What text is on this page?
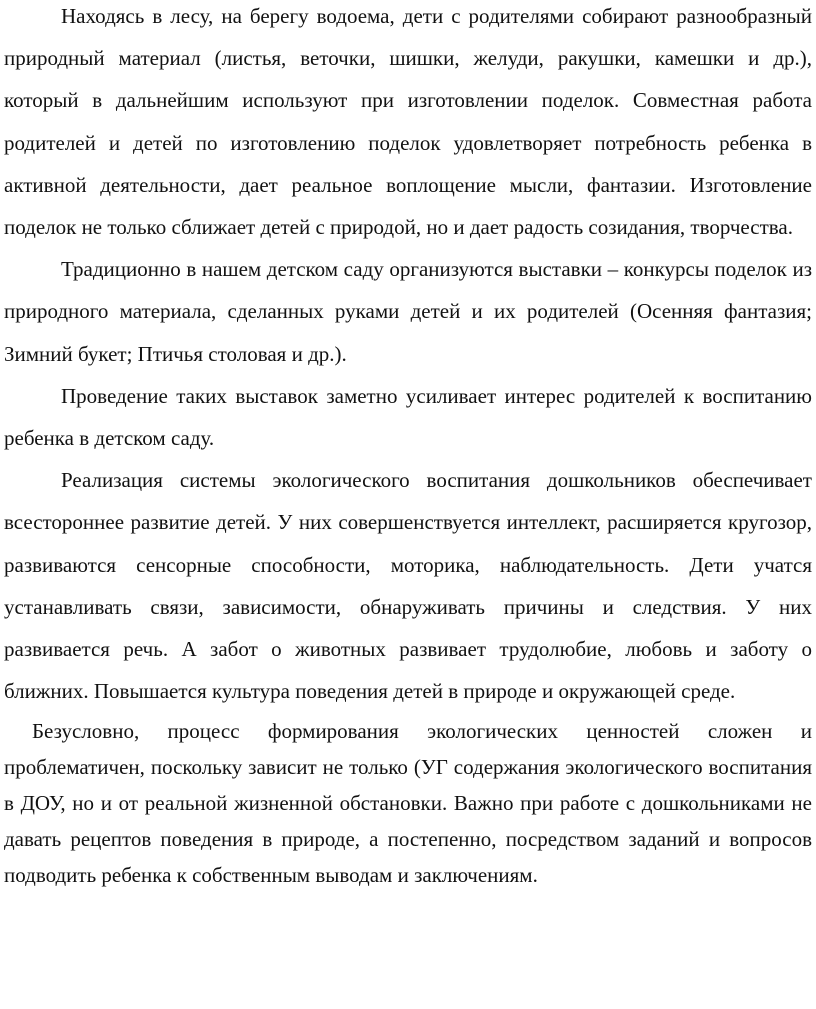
Находясь в лесу, на берегу водоема, дети с родителями собирают разнообразный природный материал (листья, веточки, шишки, желуди, ракушки, камешки и др.), который в дальнейшим используют при изготовлении поделок. Совместная работа родителей и детей по изготовлению поделок удовлетворяет потребность ребенка в активной деятельности, дает реальное воплощение мысли, фантазии. Изготовление поделок не только сближает детей с природой, но и дает радость созидания, творчества.

Традиционно в нашем детском саду организуются выставки – конкурсы поделок из природного материала, сделанных руками детей и их родителей (Осенняя фантазия; Зимний букет; Птичья столовая и др.).

Проведение таких выставок заметно усиливает интерес родителей к воспитанию ребенка в детском саду.

Реализация системы экологического воспитания дошкольников обеспечивает всестороннее развитие детей. У них совершенствуется интеллект, расширяется кругозор, развиваются сенсорные способности, моторика, наблюдательность. Дети учатся устанавливать связи, зависимости, обнаруживать причины и следствия. У них развивается речь. А забот о животных развивает трудолюбие, любовь и заботу о ближних. Повышается культура поведения детей в природе и окружающей среде.

Безусловно, процесс формирования экологических ценностей сложен и проблематичен, поскольку зависит не только (УГ содержания экологического воспитания в ДОУ, но и от реальной жизненной обстановки. Важно при работе с дошкольниками не давать рецептов поведения в природе, а постепенно, посредством заданий и вопросов подводить ребенка к собственным выводам и заключениям.
